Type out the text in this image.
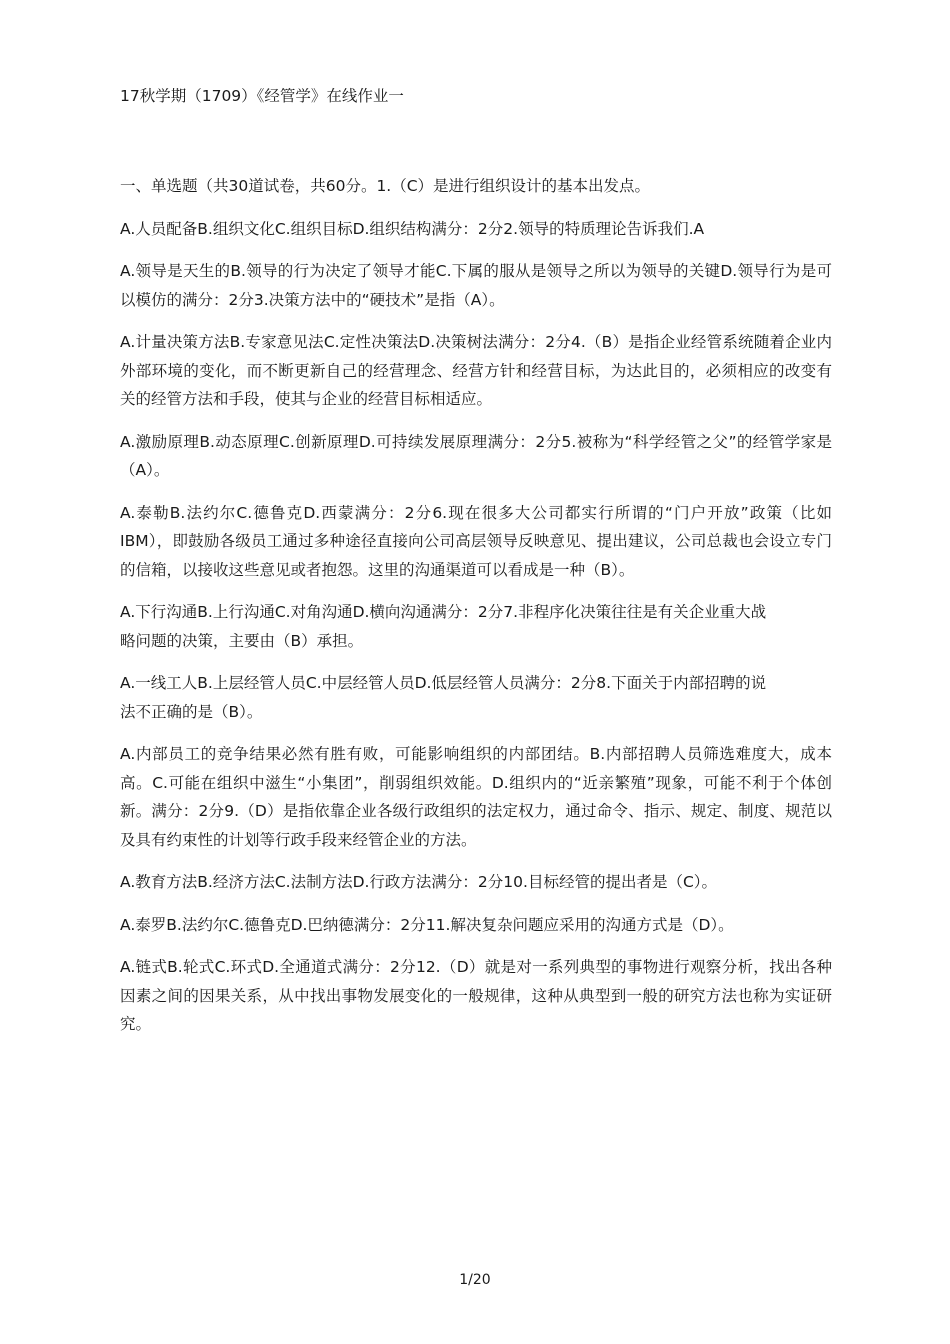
17秋学期（1709）《经管学》在线作业一

一、单选题（共30道试卷，共60分。1.（C）是进行组织设计的基本出发点。

A.人员配备B.组织文化C.组织目标D.组织结构满分：2分2.领导的特质理论告诉我们.A

A.领导是天生的B.领导的行为决定了领导才能C.下属的服从是领导之所以为领导的关键D.领导行为是可以模仿的满分：2分3.决策方法中的“硬技术”是指（A）。

A.计量决策方法B.专家意见法C.定性决策法D.决策树法满分：2分4.（B）是指企业经管系统随着企业内外部环境的变化，而不断更新自己的经营理念、经营方针和经营目标，为达此目的，必须相应的改变有关的经管方法和手段，使其与企业的经营目标相适应。

A.激励原理B.动态原理C.创新原理D.可持续发展原理满分：2分5.被称为“科学经管之父”的经管学家是（A）。

A.泰勒B.法约尔C.德鲁克D.西蒙满分：2分6.现在很多大公司都实行所谓的“门户开放”政策（比如IBM），即鼓励各级员工通过多种途径直接向公司高层领导反映意见、提出建议，公司总裁也会设立专门的信箱，以接收这些意见或者抱怨。这里的沟通渠道可以看成是一种（B）。

A.下行沟通B.上行沟通C.对角沟通D.横向沟通满分：2分7.非程序化决策往往是有关企业重大战略问题的决策，主要由（B）承担。

A.一线工人B.上层经管人员C.中层经管人员D.低层经管人员满分：2分8.下面关于内部招聘的说法不正确的是（B）。

A.内部员工的竞争结果必然有胜有败，可能影响组织的内部团结。B.内部招聘人员筛选难度大，成本高。C.可能在组织中滋生“小集团”，削弱组织效能。D.组织内的“近亲繁殖”现象，可能不利于个体创新。满分：2分9.（D）是指依靠企业各级行政组织的法定权力，通过命令、指示、规定、制度、规范以及具有约束性的计划等行政手段来经管企业的方法。

A.教育方法B.经济方法C.法制方法D.行政方法满分：2分10.目标经管的提出者是（C）。

A.泰罗B.法约尔C.德鲁克D.巴纳德满分：2分11.解决复杂问题应采用的沟通方式是（D）。

A.链式B.轮式C.环式D.全通道式满分：2分12.（D）就是对一系列典型的事物进行观察分析，找出各种因素之间的因果关系，从中找出事物发展变化的一般规律，这种从典型到一般的研究方法也称为实证研究。

1/20
